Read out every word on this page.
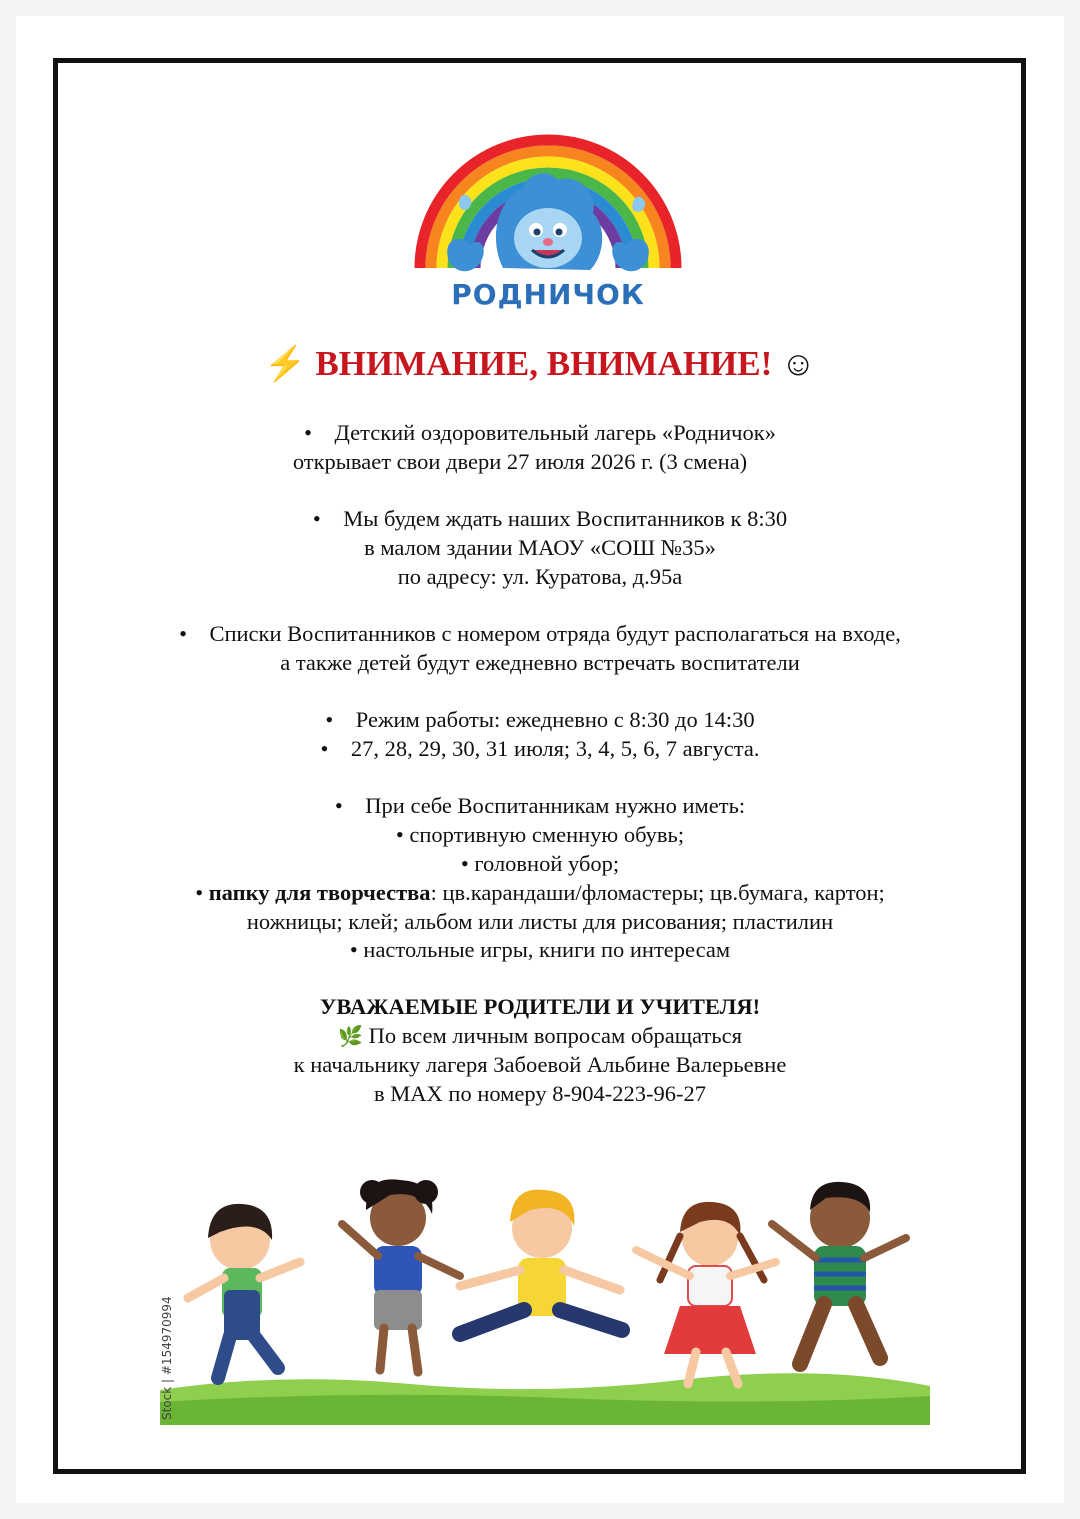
РОДНИЧОК
⚡ ВНИМАНИЕ, ВНИМАНИЕ! ☺
• Детский оздоровительный лагерь «Родничок»
открывает свои двери 27 июля 2026 г. (3 смена)
• Мы будем ждать наших Воспитанников к 8:30
в малом здании МАОУ «СОШ №35»
по адресу: ул. Куратова, д.95а
• Списки Воспитанников с номером отряда будут располагаться на входе,
а также детей будут ежедневно встречать воспитатели
• Режим работы: ежедневно с 8:30 до 14:30
• 27, 28, 29, 30, 31 июля; 3, 4, 5, 6, 7 августа.
• При себе Воспитанникам нужно иметь:
• спортивную сменную обувь;
• головной убор;
• папку для творчества: цв.карандаши/фломастеры; цв.бумага, картон;
ножницы; клей; альбом или листы для рисования; пластилин
• настольные игры, книги по интересам
УВАЖАЕМЫЕ РОДИТЕЛИ И УЧИТЕЛЯ!
🌿 По всем личным вопросам обращаться
к начальнику лагеря Забоевой Альбине Валерьевне
в MAX по номеру 8-904-223-96-27
Stock | #154970994
